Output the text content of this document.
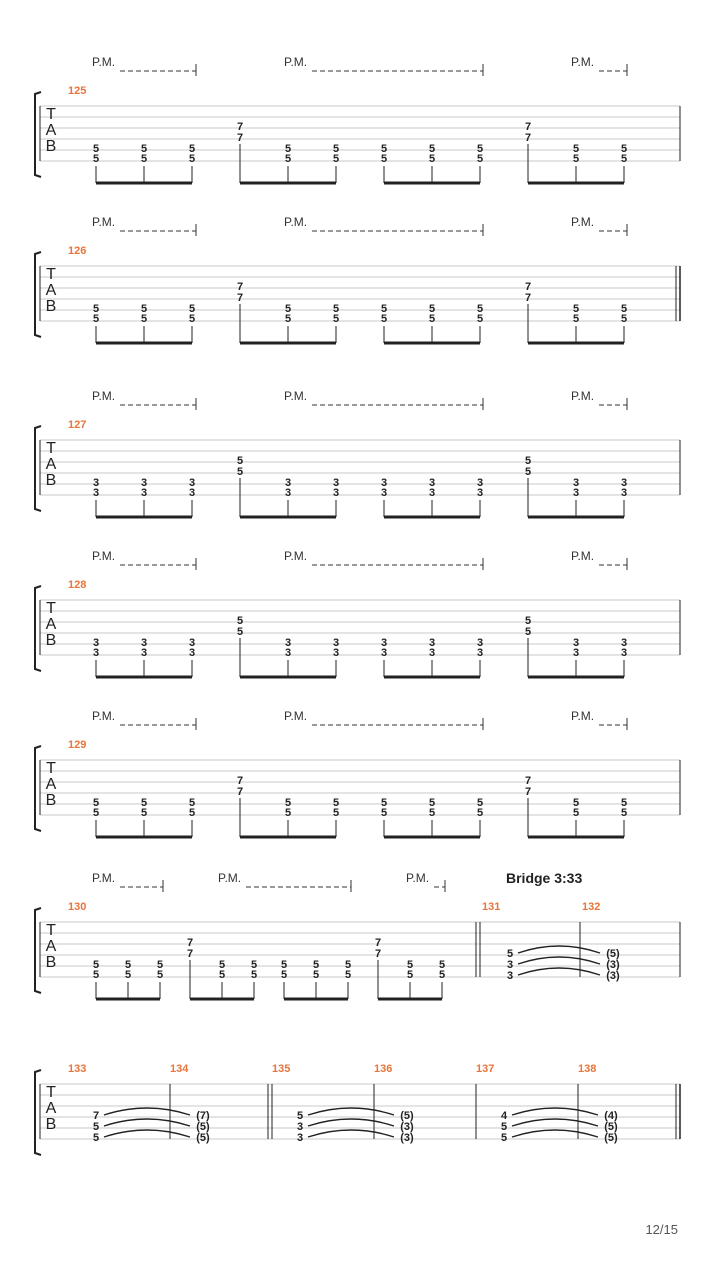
T
A
B
125
P.M.	P.M.	P.M.
5
5
5
5
5
5
5
5
5
5
5
5
5
5
5
5
5
5
5
5
7
7
7
7
T
A
B
126
P.M.	P.M.	P.M.
5
5
5
5
5
5
5
5
5
5
5
5
5
5
5
5
5
5
5
5
7
7
7
7
T
A
B
127
P.M.	P.M.	P.M.
3
3
3
3
3
3
3
3
3
3
3
3
3
3
3
3
3
3
3
3
5
5
5
5
T
A
B
128
P.M.	P.M.	P.M.
3
3
3
3
3
3
3
3
3
3
3
3
3
3
3
3
3
3
3
3
5
5
5
5
T
A
B
129
P.M.	P.M.	P.M.
5
5
5
5
5
5
5
5
5
5
5
5
5
5
5
5
5
5
5
5
7
7
7
7
T
A
B
130	131	132
P.M.	P.M.	P.M.	Bridge 3:33
5
5
5
5
5
5
5
5
5
5
5
5
5
5
5
5
5
5
5
5
7
7
7
7	5	(5)
3	(3)
3	(3)
T
A
B
133	134	135	136	137	138
7	(7)
5	(5)
5	(5)
5	(5)
3	(3)
3	(3)
4	(4)
5	(5)
5	(5)
12/15
